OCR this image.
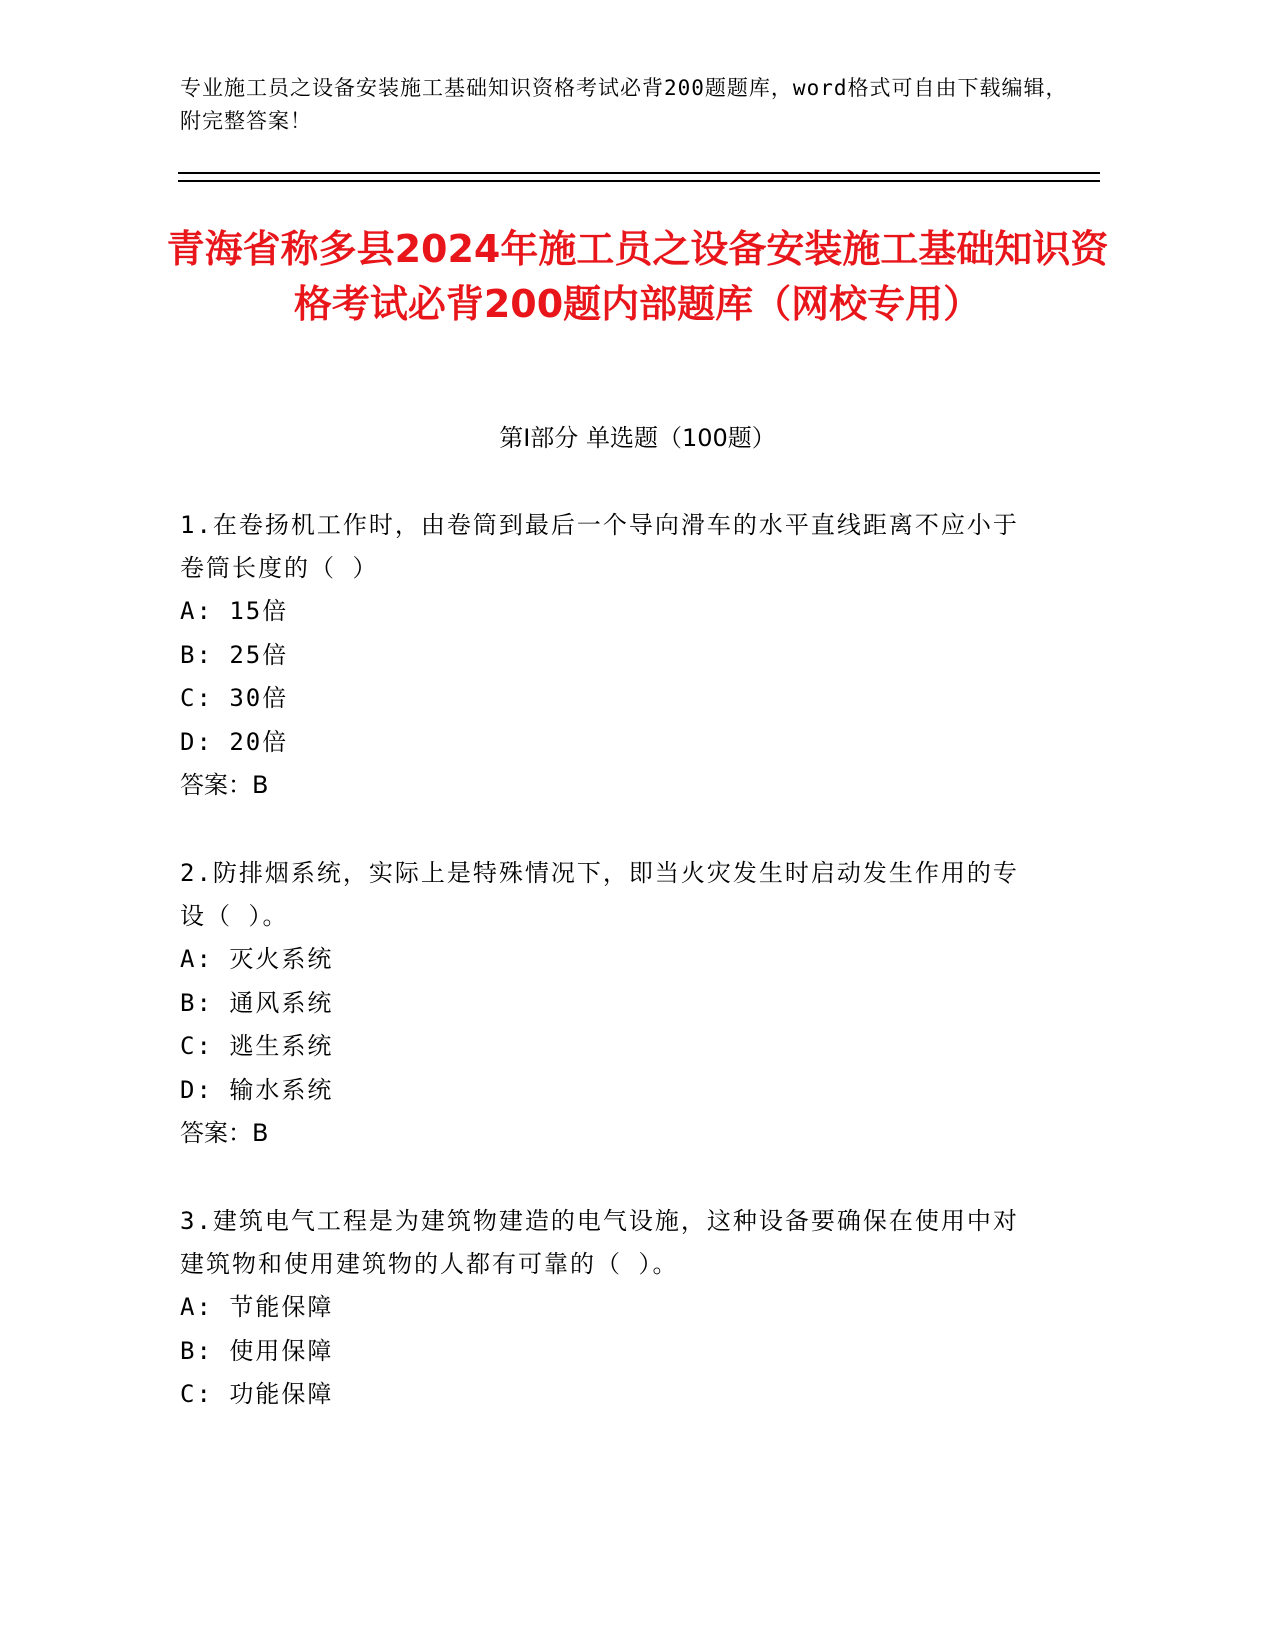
专业施工员之设备安装施工基础知识资格考试必背200题题库，word格式可自由下载编辑，附完整答案！
青海省称多县2024年施工员之设备安装施工基础知识资格考试必背200题内部题库（网校专用）
第I部分 单选题（100题）

1.在卷扬机工作时，由卷筒到最后一个导向滑车的水平直线距离不应小于卷筒长度的（ ）

A: 15倍

B: 25倍

C: 30倍

D: 20倍

答案：B

2.防排烟系统，实际上是特殊情况下，即当火灾发生时启动发生作用的专设（ ）。

A: 灭火系统

B: 通风系统

C: 逃生系统

D: 输水系统

答案：B

3.建筑电气工程是为建筑物建造的电气设施，这种设备要确保在使用中对建筑物和使用建筑物的人都有可靠的（ ）。

A: 节能保障

B: 使用保障

C: 功能保障
